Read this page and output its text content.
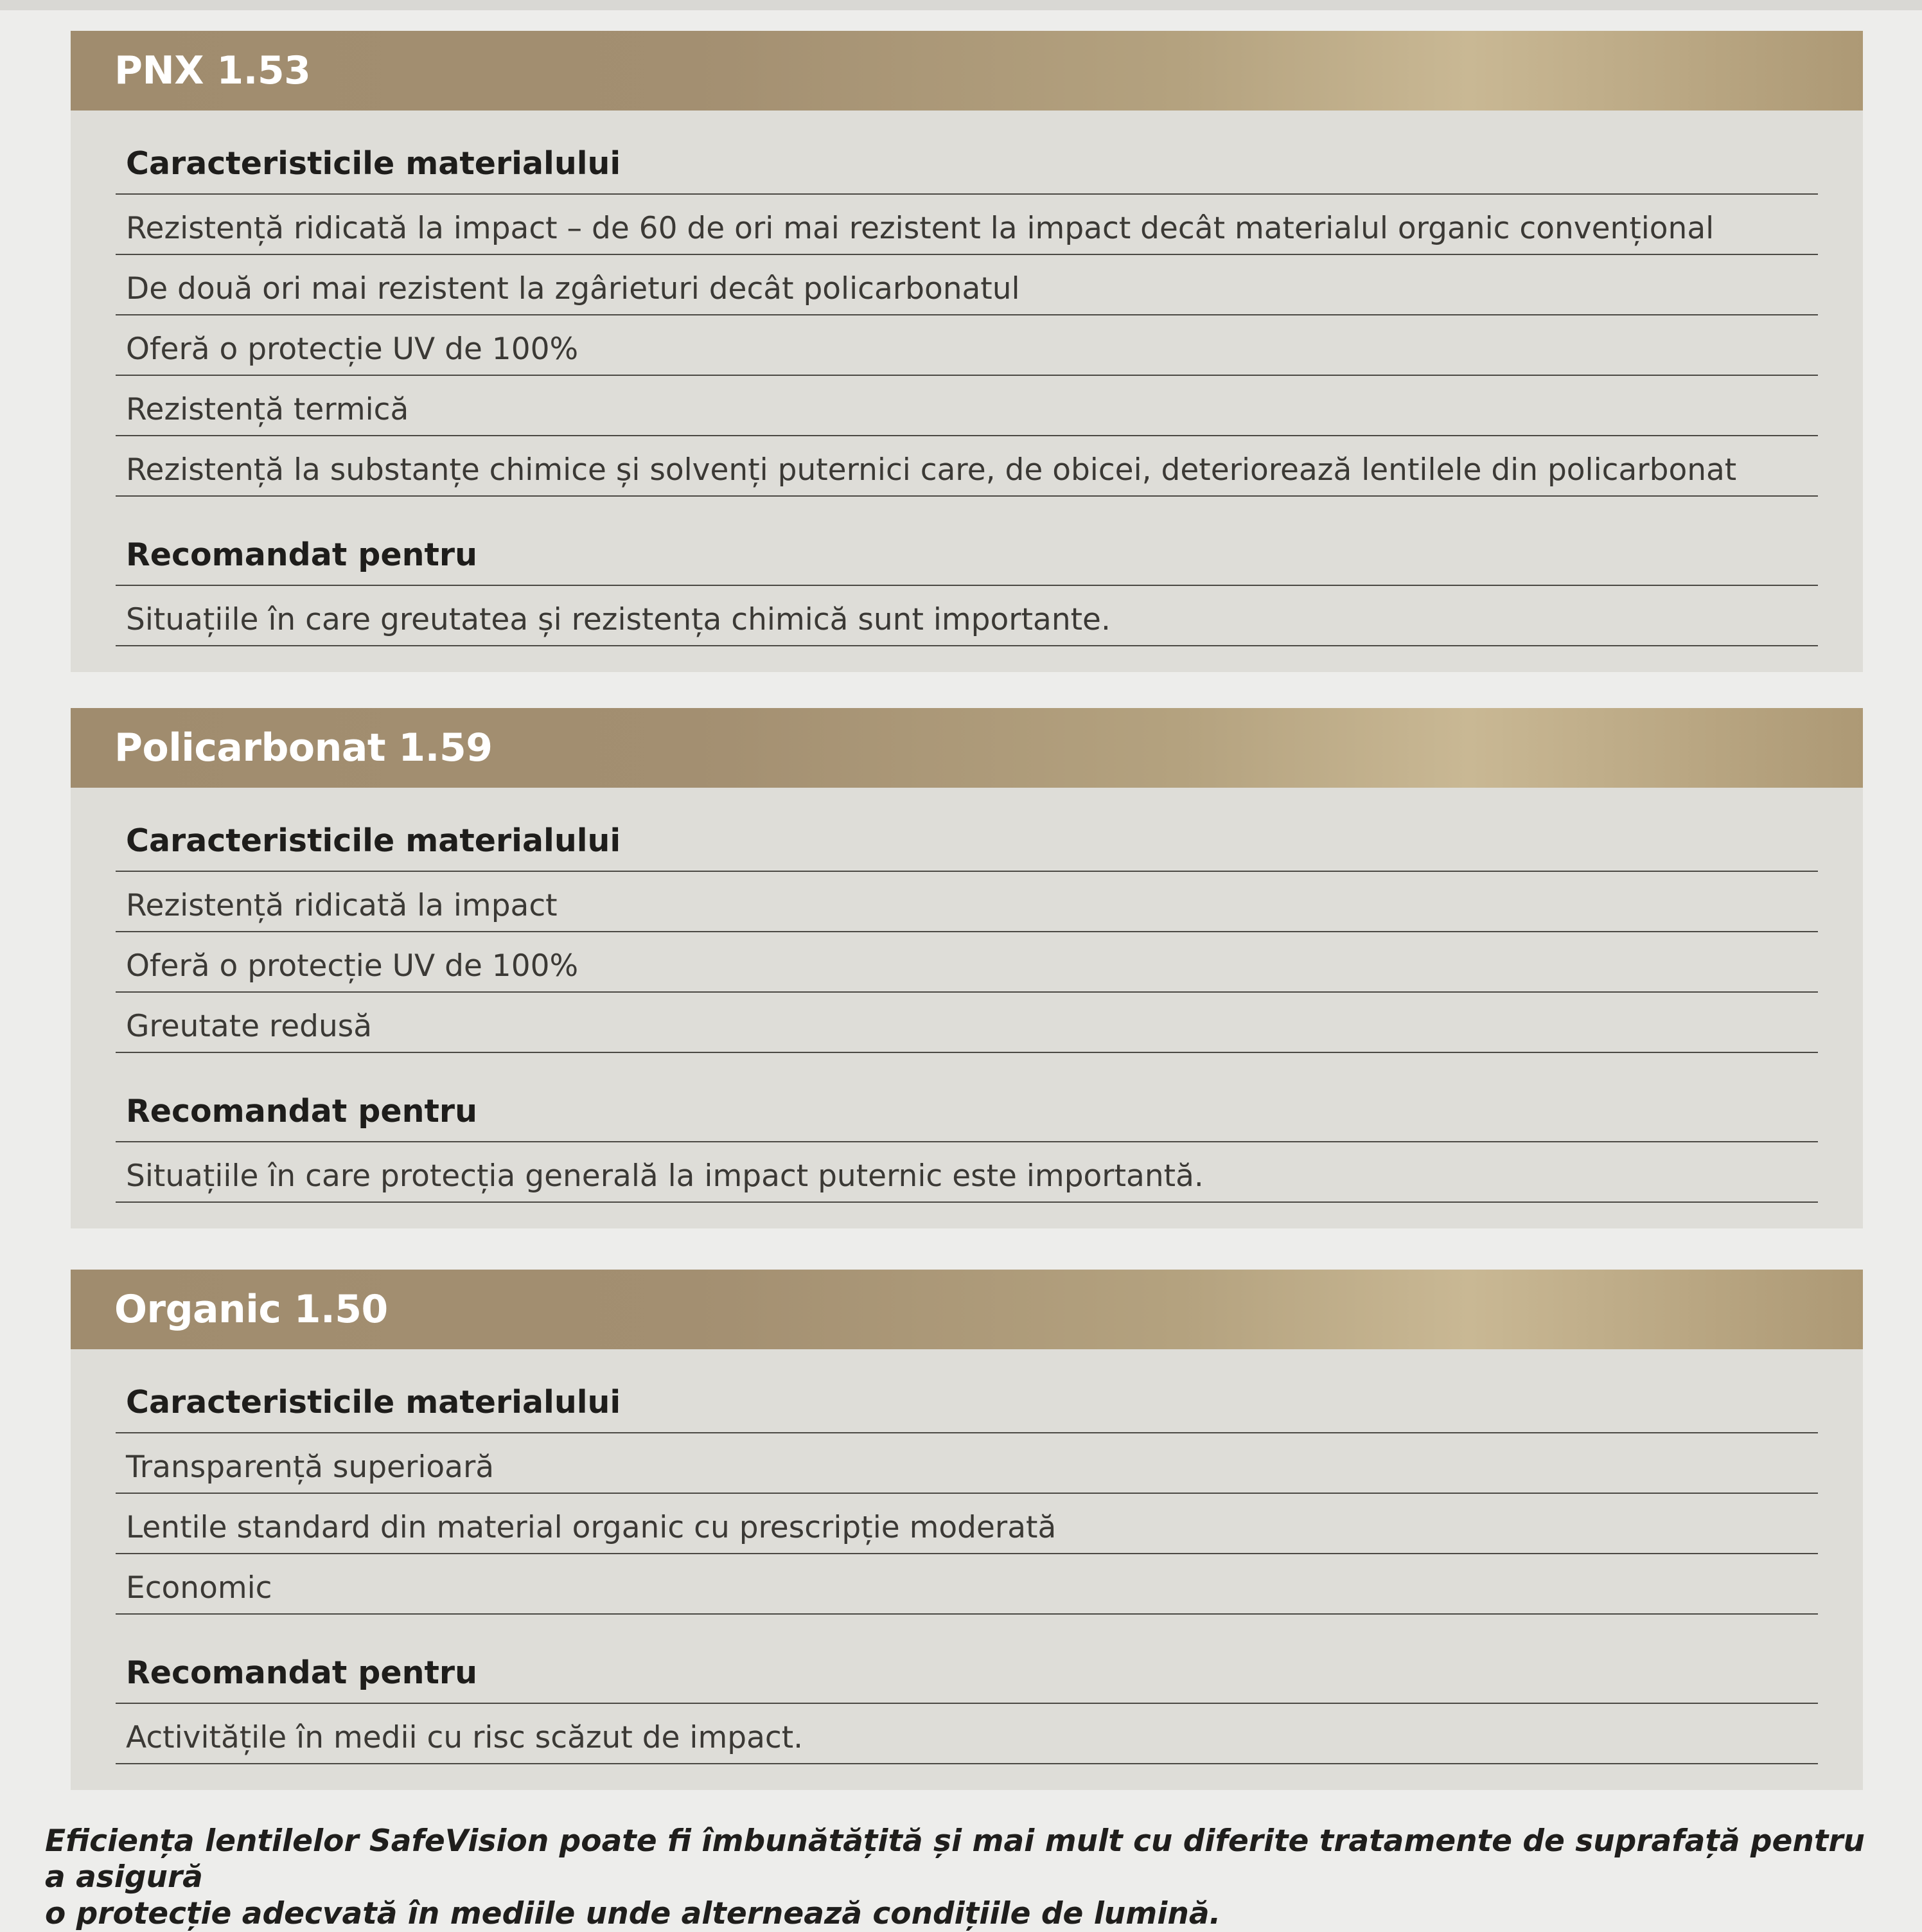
PNX 1.53
Caracteristicile materialului
Rezistență ridicată la impact – de 60 de ori mai rezistent la impact decât materialul organic convențional
De două ori mai rezistent la zgârieturi decât policarbonatul
Oferă o protecție UV de 100%
Rezistență termică
Rezistență la substanțe chimice și solvenți puternici care, de obicei, deteriorează lentilele din policarbonat
Recomandat pentru
Situațiile în care greutatea și rezistența chimică sunt importante.
Policarbonat 1.59
Caracteristicile materialului
Rezistență ridicată la impact
Oferă o protecție UV de 100%
Greutate redusă
Recomandat pentru
Situațiile în care protecția generală la impact puternic este importantă.
Organic 1.50
Caracteristicile materialului
Transparență superioară
Lentile standard din material organic cu prescripție moderată
Economic
Recomandat pentru
Activitățile în medii cu risc scăzut de impact.
Eficiența lentilelor SafeVision poate fi îmbunătățită și mai mult cu diferite tratamente de suprafață pentru a asigură
o protecție adecvată în mediile unde alternează condițiile de lumină.
